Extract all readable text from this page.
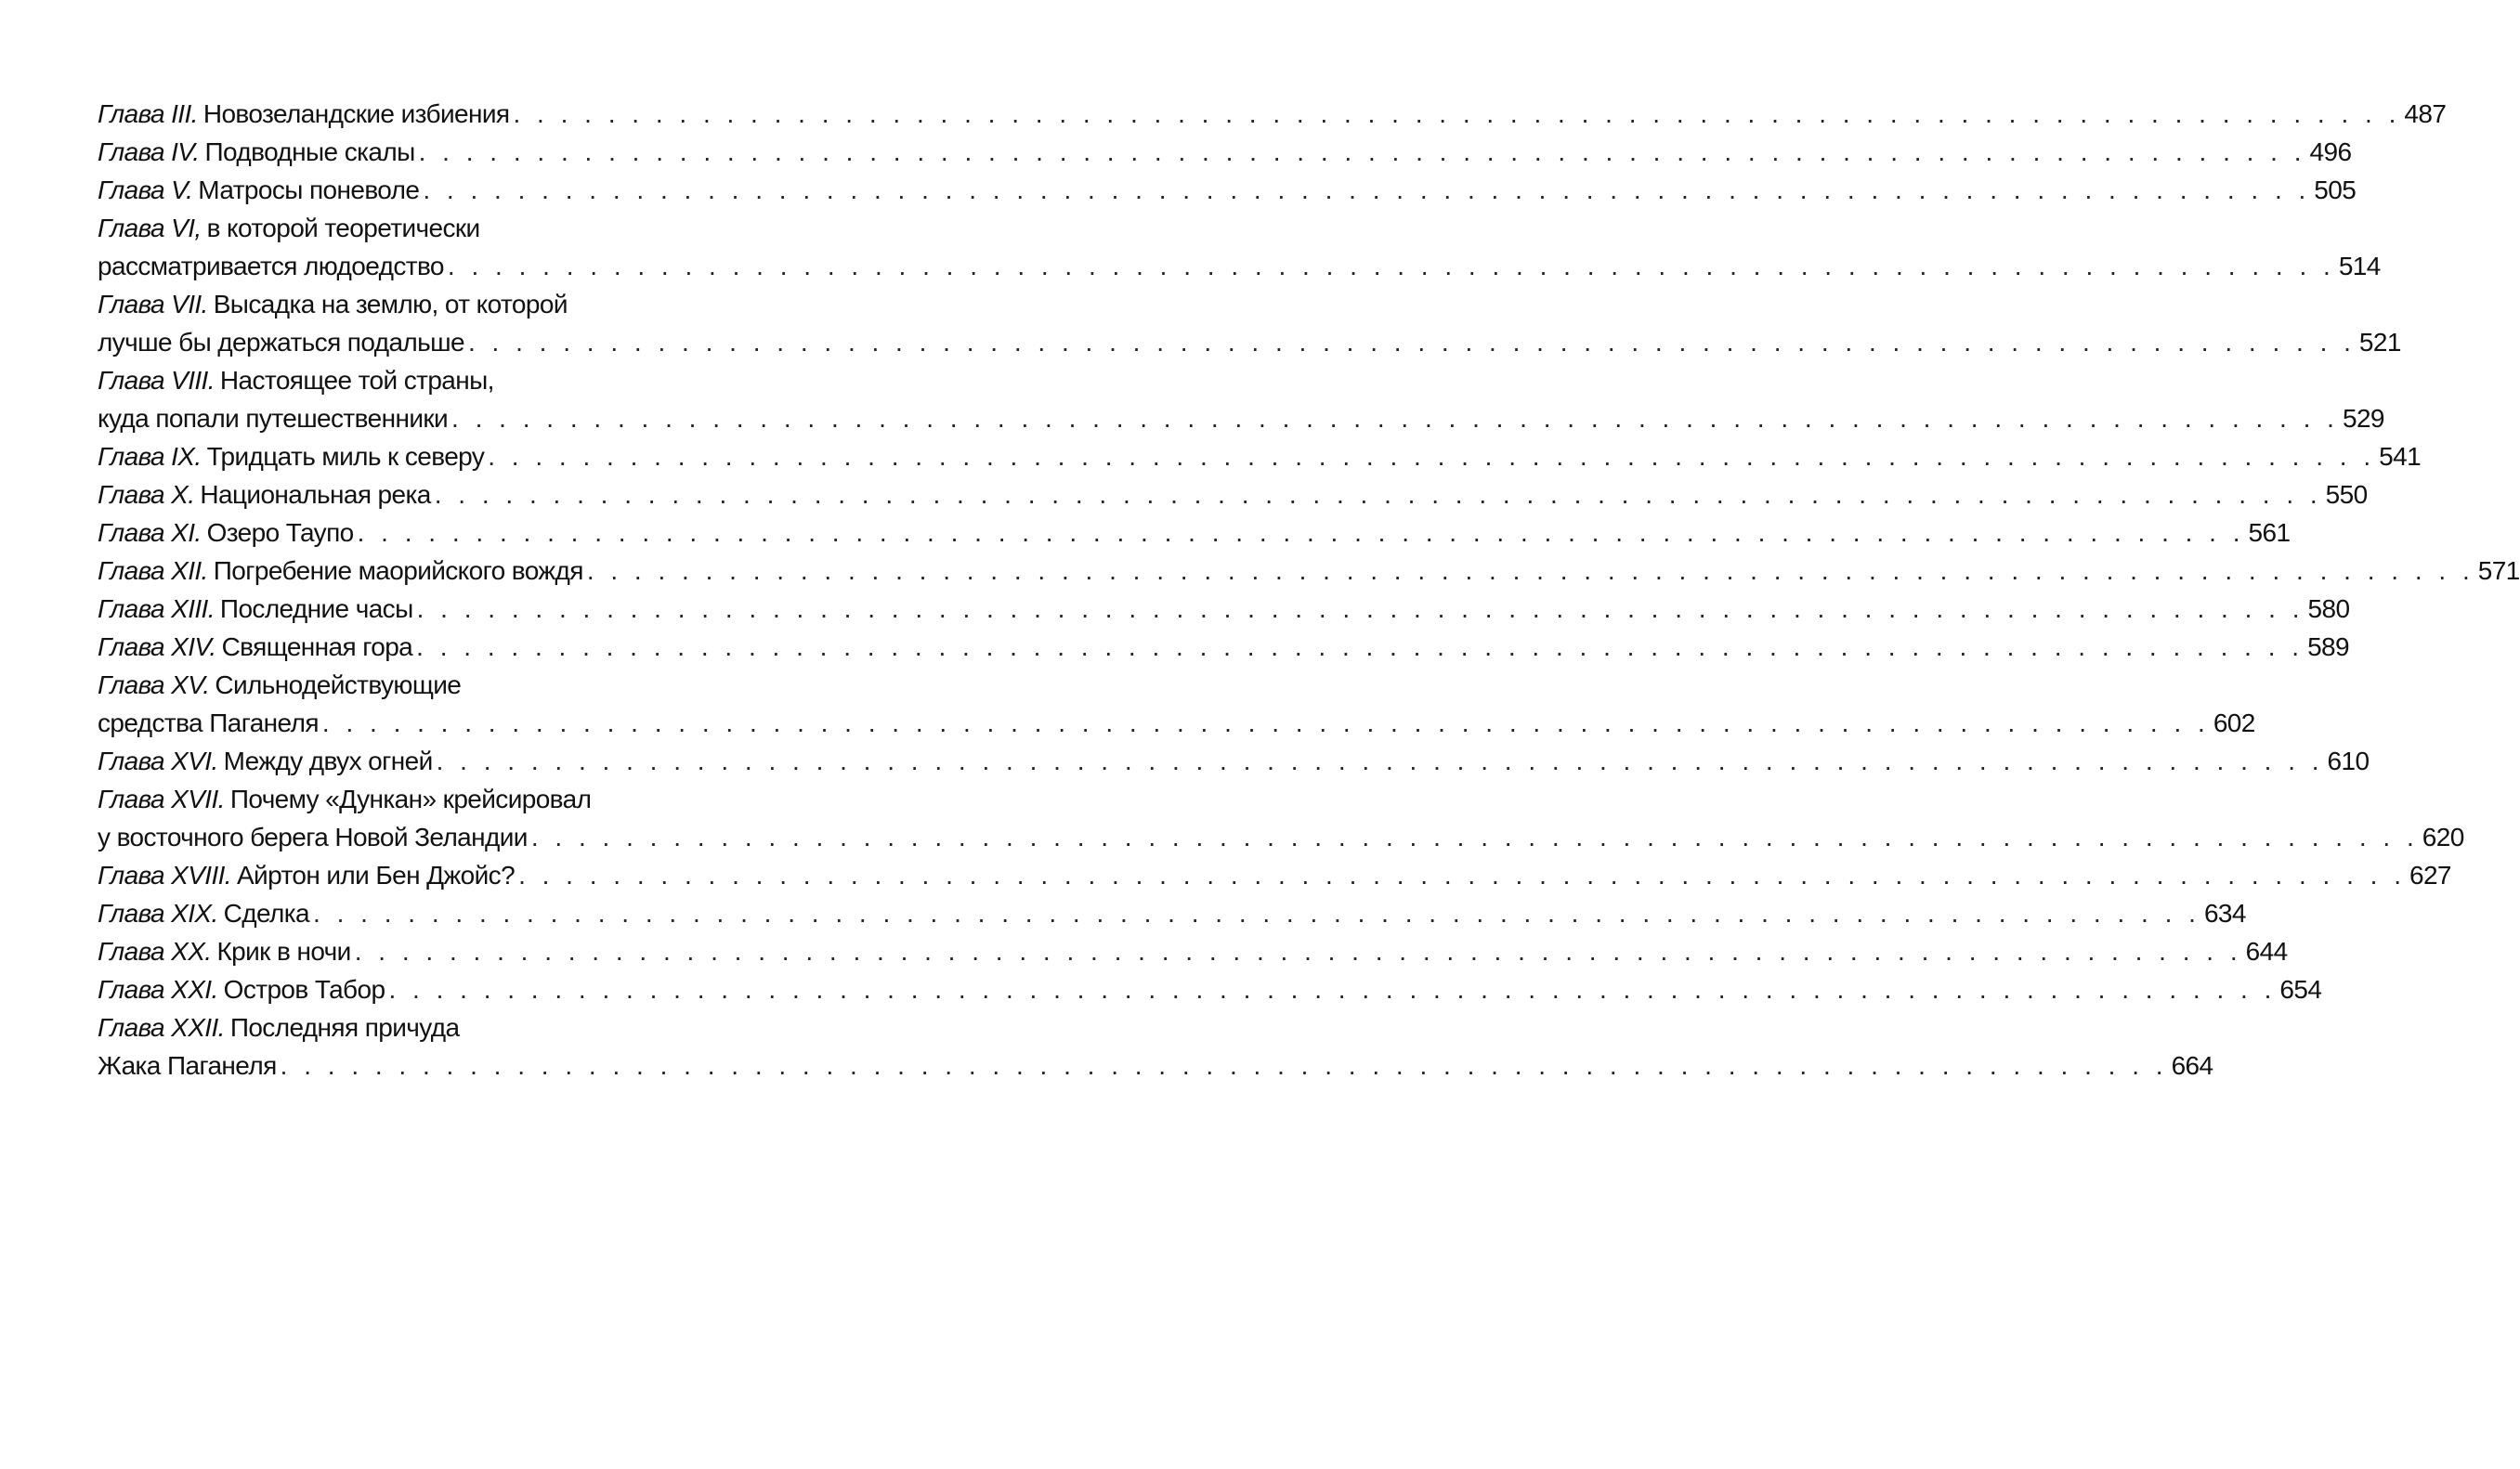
Глава III. Новозеландские избиения . . . . . . . . . . . . . . . . . . . . . . . . . . . . . . . . . . . . . . . . . . . . . . . . . . . . . . . . . . . . . . . . . . . . . . . . . . . . . . . . 487
Глава IV. Подводные скалы . . . . . . . . . . . . . . . . . . . . . . . . . . . . . . . . . . . . . . . . . . . . . . . . . . . . . . . . . . . . . . . . . . . . . . . . . . . . . . . . 496
Глава V. Матросы поневоле . . . . . . . . . . . . . . . . . . . . . . . . . . . . . . . . . . . . . . . . . . . . . . . . . . . . . . . . . . . . . . . . . . . . . . . . . . . . . . . . 505
Глава VI, в которой теоретически
рассматривается людоедство . . . . . . . . . . . . . . . . . . . . . . . . . . . . . . . . . . . . . . . . . . . . . . . . . . . . . . . . . . . . . . . . . . . . . . . . . . . . . . . . 514
Глава VII. Высадка на землю, от которой
лучше бы держаться подальше . . . . . . . . . . . . . . . . . . . . . . . . . . . . . . . . . . . . . . . . . . . . . . . . . . . . . . . . . . . . . . . . . . . . . . . . . . . . . . . . 521
Глава VIII. Настоящее той страны,
куда попали путешественники . . . . . . . . . . . . . . . . . . . . . . . . . . . . . . . . . . . . . . . . . . . . . . . . . . . . . . . . . . . . . . . . . . . . . . . . . . . . . . . . 529
Глава IX. Тридцать миль к северу . . . . . . . . . . . . . . . . . . . . . . . . . . . . . . . . . . . . . . . . . . . . . . . . . . . . . . . . . . . . . . . . . . . . . . . . . . . . . . . . 541
Глава X. Национальная река . . . . . . . . . . . . . . . . . . . . . . . . . . . . . . . . . . . . . . . . . . . . . . . . . . . . . . . . . . . . . . . . . . . . . . . . . . . . . . . . 550
Глава XI. Озеро Таупо . . . . . . . . . . . . . . . . . . . . . . . . . . . . . . . . . . . . . . . . . . . . . . . . . . . . . . . . . . . . . . . . . . . . . . . . . . . . . . . . 561
Глава XII. Погребение маорийского вождя . . . . . . . . . . . . . . . . . . . . . . . . . . . . . . . . . . . . . . . . . . . . . . . . . . . . . . . . . . . . . . . . . . . . . . . . . . . . . . . . 571
Глава XIII. Последние часы . . . . . . . . . . . . . . . . . . . . . . . . . . . . . . . . . . . . . . . . . . . . . . . . . . . . . . . . . . . . . . . . . . . . . . . . . . . . . . . . 580
Глава XIV. Священная гора . . . . . . . . . . . . . . . . . . . . . . . . . . . . . . . . . . . . . . . . . . . . . . . . . . . . . . . . . . . . . . . . . . . . . . . . . . . . . . . . 589
Глава XV. Сильнодействующие
средства Паганеля . . . . . . . . . . . . . . . . . . . . . . . . . . . . . . . . . . . . . . . . . . . . . . . . . . . . . . . . . . . . . . . . . . . . . . . . . . . . . . . . 602
Глава XVI. Между двух огней . . . . . . . . . . . . . . . . . . . . . . . . . . . . . . . . . . . . . . . . . . . . . . . . . . . . . . . . . . . . . . . . . . . . . . . . . . . . . . . . 610
Глава XVII. Почему «Дункан» крейсировал
у восточного берега Новой Зеландии . . . . . . . . . . . . . . . . . . . . . . . . . . . . . . . . . . . . . . . . . . . . . . . . . . . . . . . . . . . . . . . . . . . . . . . . . . . . . . . . 620
Глава XVIII. Айртон или Бен Джойс? . . . . . . . . . . . . . . . . . . . . . . . . . . . . . . . . . . . . . . . . . . . . . . . . . . . . . . . . . . . . . . . . . . . . . . . . . . . . . . . . 627
Глава XIX. Сделка . . . . . . . . . . . . . . . . . . . . . . . . . . . . . . . . . . . . . . . . . . . . . . . . . . . . . . . . . . . . . . . . . . . . . . . . . . . . . . . . 634
Глава XX. Крик в ночи . . . . . . . . . . . . . . . . . . . . . . . . . . . . . . . . . . . . . . . . . . . . . . . . . . . . . . . . . . . . . . . . . . . . . . . . . . . . . . . . 644
Глава XXI. Остров Табор . . . . . . . . . . . . . . . . . . . . . . . . . . . . . . . . . . . . . . . . . . . . . . . . . . . . . . . . . . . . . . . . . . . . . . . . . . . . . . . . 654
Глава XXII. Последняя причуда
Жака Паганеля . . . . . . . . . . . . . . . . . . . . . . . . . . . . . . . . . . . . . . . . . . . . . . . . . . . . . . . . . . . . . . . . . . . . . . . . . . . . . . . . 664
